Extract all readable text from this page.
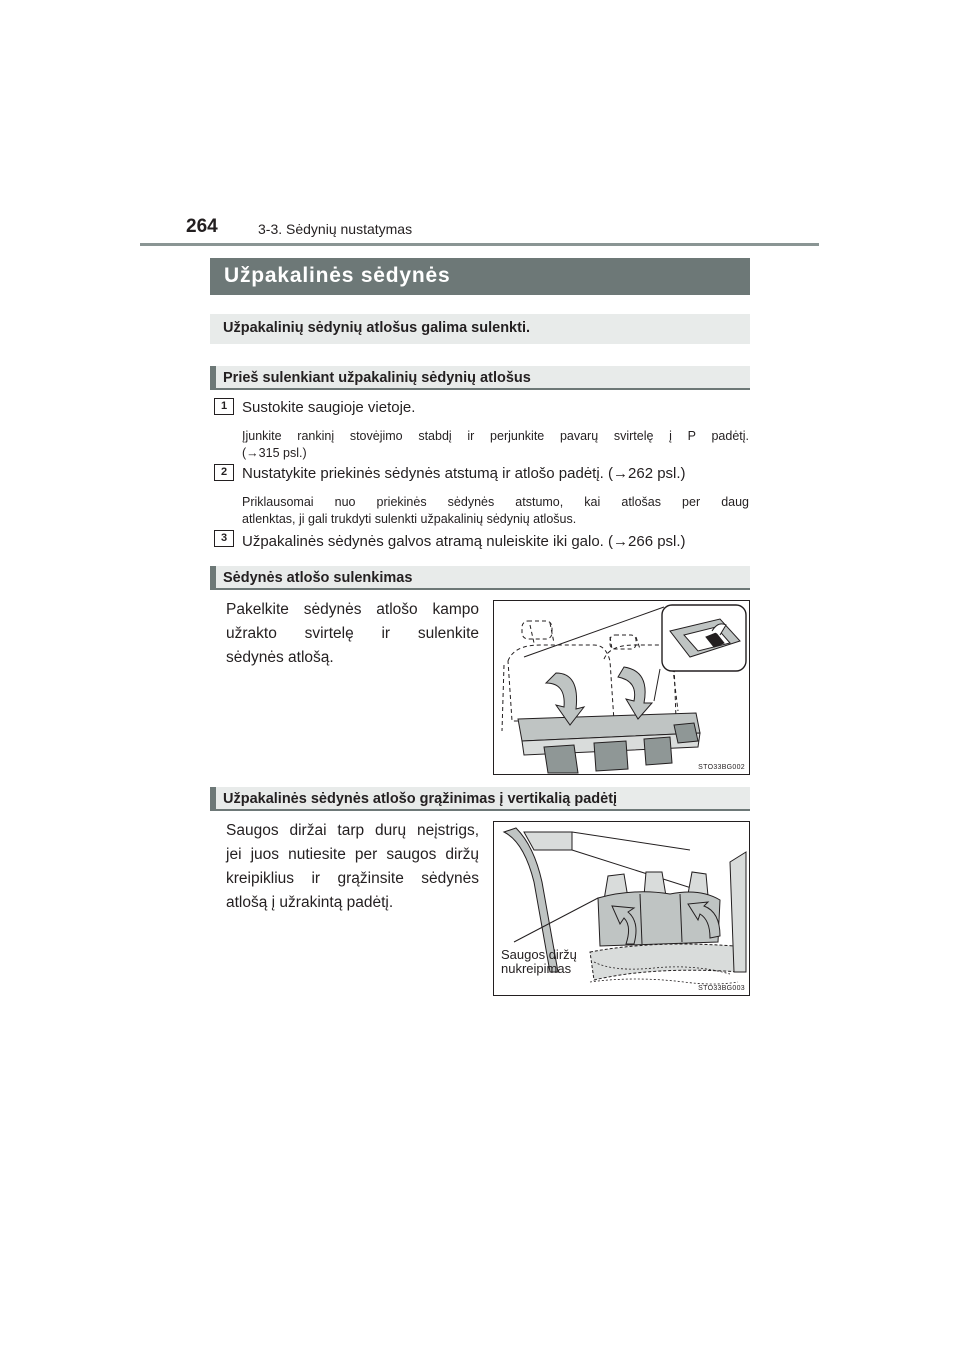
264	3-3. Sėdynių nustatymas
Užpakalinės sėdynės
Užpakalinių sėdynių atlošus galima sulenkti.
Prieš sulenkiant užpakalinių sėdynių atlošus
1 Sustokite saugioje vietoje.
Įjunkite rankinį stovėjimo stabdį ir perjunkite pavarų svirtelę į P padėtį.
(→315 psl.)
2 Nustatykite priekinės sėdynės atstumą ir atlošo padėtį. (→262 psl.)
Priklausomai nuo priekinės sėdynės atstumo, kai atlošas per daug
atlenktas, ji gali trukdyti sulenkti užpakalinių sėdynių atlošus.
3 Užpakalinės sėdynės galvos atramą nuleiskite iki galo. (→266 psl.)
Sėdynės atlošo sulenkimas
Pakelkite sėdynės atlošo kampo
užrakto svirtelę ir sulenkite
sėdynės atlošą.
STO33BG002
Užpakalinės sėdynės atlošo grąžinimas į vertikalią padėtį
Saugos diržai tarp durų neįstrigs,
jei juos nutiesite per saugos diržų
kreipiklius ir grąžinsite sėdynės
atlošą į užrakintą padėtį.
Saugos diržų
nukreipimas
STO33BG003
